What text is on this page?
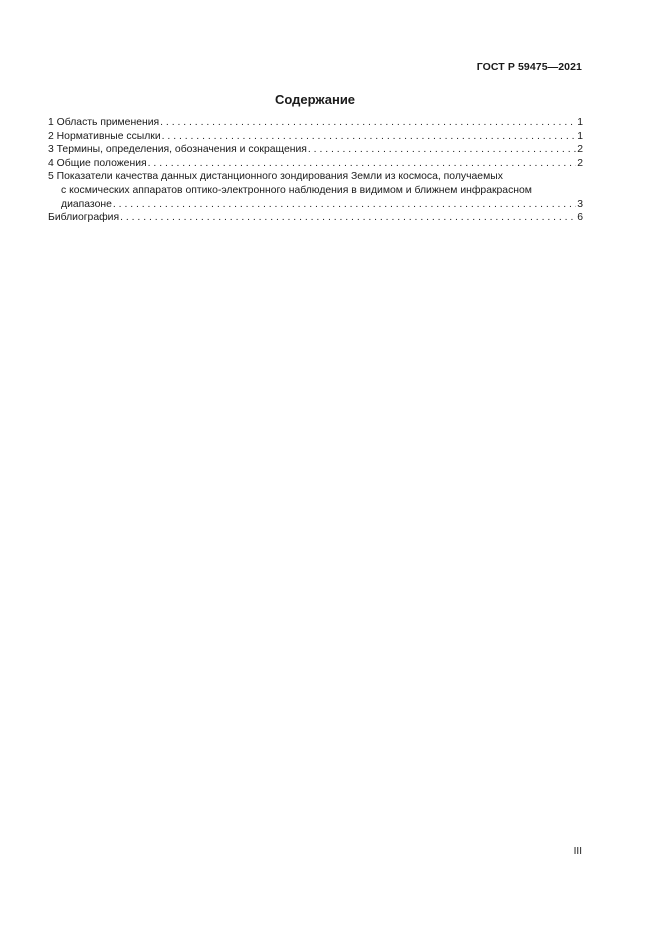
ГОСТ Р 59475—2021
Содержание
1 Область применения . . .	1
2 Нормативные ссылки . . .	1
3 Термины, определения, обозначения и сокращения . . .	2
4 Общие положения . . .	2
5 Показатели качества данных дистанционного зондирования Земли из космоса, получаемых
с космических аппаратов оптико-электронного наблюдения в видимом и ближнем инфракрасном
диапазоне . . .	3
Библиография . . .	6
III
